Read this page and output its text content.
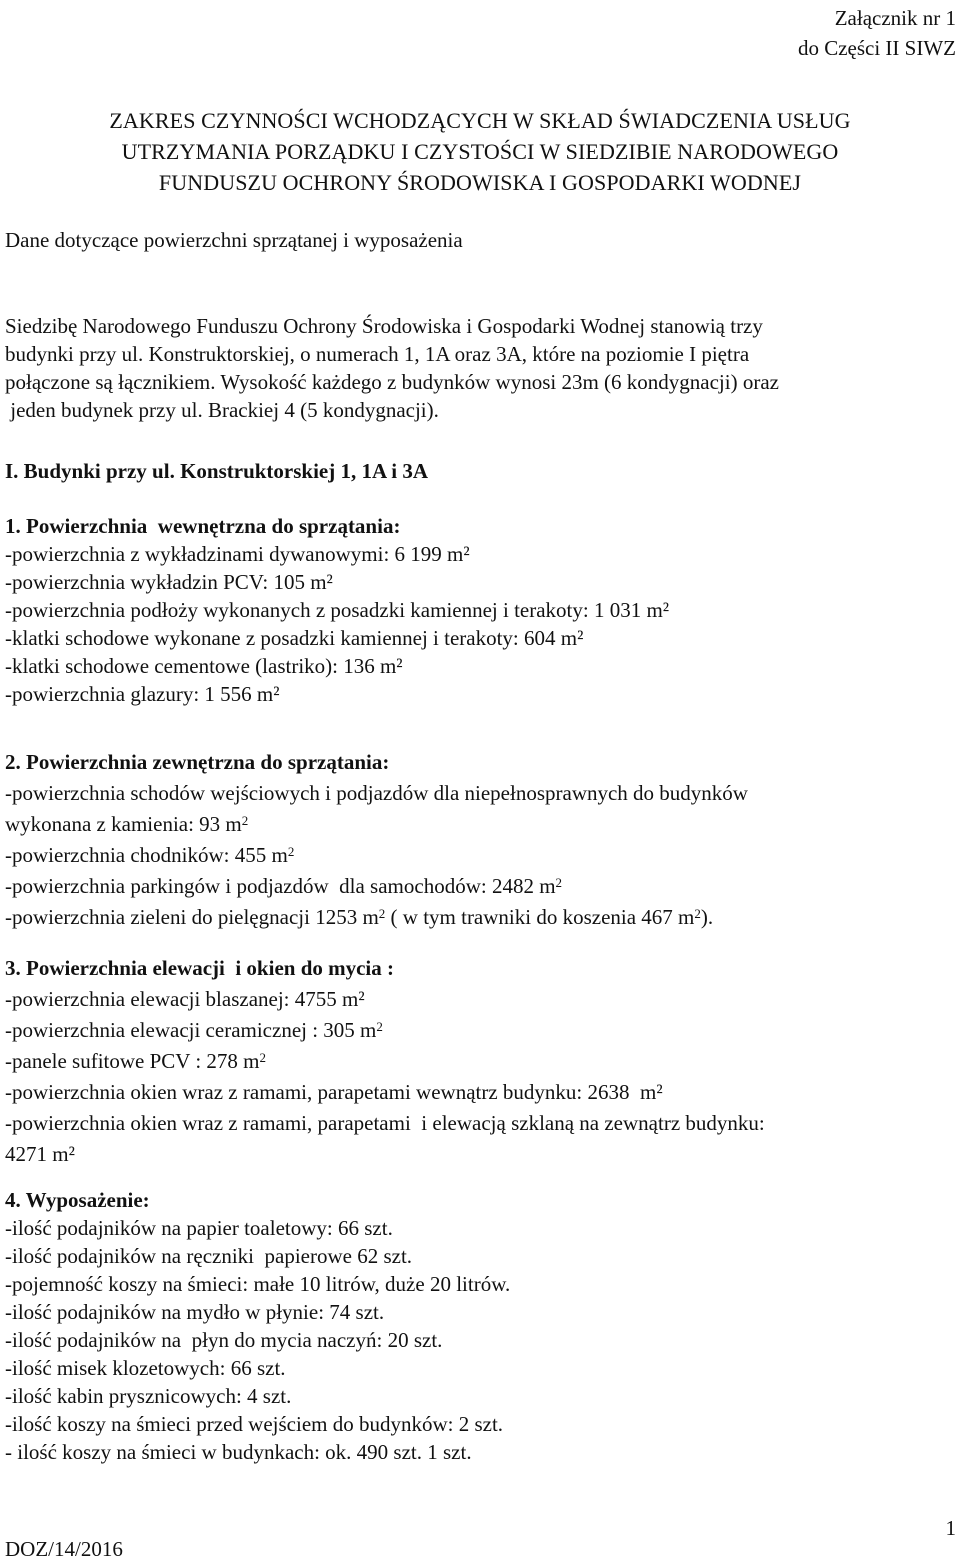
Załącznik nr 1
do Części II SIWZ
ZAKRES CZYNNOŚCI WCHODZĄCYCH W SKŁAD ŚWIADCZENIA USŁUG
UTRZYMANIA PORZĄDKU I CZYSTOŚCI W SIEDZIBIE NARODOWEGO
FUNDUSZU OCHRONY ŚRODOWISKA I GOSPODARKI WODNEJ
Dane dotyczące powierzchni sprzątanej i wyposażenia
Siedzibę Narodowego Funduszu Ochrony Środowiska i Gospodarki Wodnej stanowią trzy
budynki przy ul. Konstruktorskiej, o numerach 1, 1A oraz 3A, które na poziomie I piętra
połączone są łącznikiem. Wysokość każdego z budynków wynosi 23m (6 kondygnacji) oraz
jeden budynek przy ul. Brackiej 4 (5 kondygnacji).
I. Budynki przy ul. Konstruktorskiej 1, 1A i 3A
1. Powierzchnia  wewnętrzna do sprzątania:
-powierzchnia z wykładzinami dywanowymi: 6 199 m²
-powierzchnia wykładzin PCV: 105 m²
-powierzchnia podłoży wykonanych z posadzki kamiennej i terakoty: 1 031 m²
-klatki schodowe wykonane z posadzki kamiennej i terakoty: 604 m²
-klatki schodowe cementowe (lastriko): 136 m²
-powierzchnia glazury: 1 556 m²
2. Powierzchnia zewnętrzna do sprzątania:
-powierzchnia schodów wejściowych i podjazdów dla niepełnosprawnych do budynków
wykonana z kamienia: 93 $m^2$
-powierzchnia chodników: 455 $m^2$
-powierzchnia parkingów i podjazdów  dla samochodów: 2482 $m^2$
-powierzchnia zieleni do pielęgnacji 1253 $m^2$ ( w tym trawniki do koszenia 467 $m^2$).
3. Powierzchnia elewacji  i okien do mycia :
-powierzchnia elewacji blaszanej: 4755 m²
-powierzchnia elewacji ceramicznej : 305 $m^2$
-panele sufitowe PCV : 278 $m^2$
-powierzchnia okien wraz z ramami, parapetami wewnątrz budynku: 2638  m²
-powierzchnia okien wraz z ramami, parapetami  i elewacją szklaną na zewnątrz budynku:
4271 m²
4. Wyposażenie:
-ilość podajników na papier toaletowy: 66 szt.
-ilość podajników na ręczniki  papierowe 62 szt.
-pojemność koszy na śmieci: małe 10 litrów, duże 20 litrów.
-ilość podajników na mydło w płynie: 74 szt.
-ilość podajników na  płyn do mycia naczyń: 20 szt.
-ilość misek klozetowych: 66 szt.
-ilość kabin prysznicowych: 4 szt.
-ilość koszy na śmieci przed wejściem do budynków: 2 szt.
- ilość koszy na śmieci w budynkach: ok. 490 szt. 1 szt.
1
DOZ/14/2016
